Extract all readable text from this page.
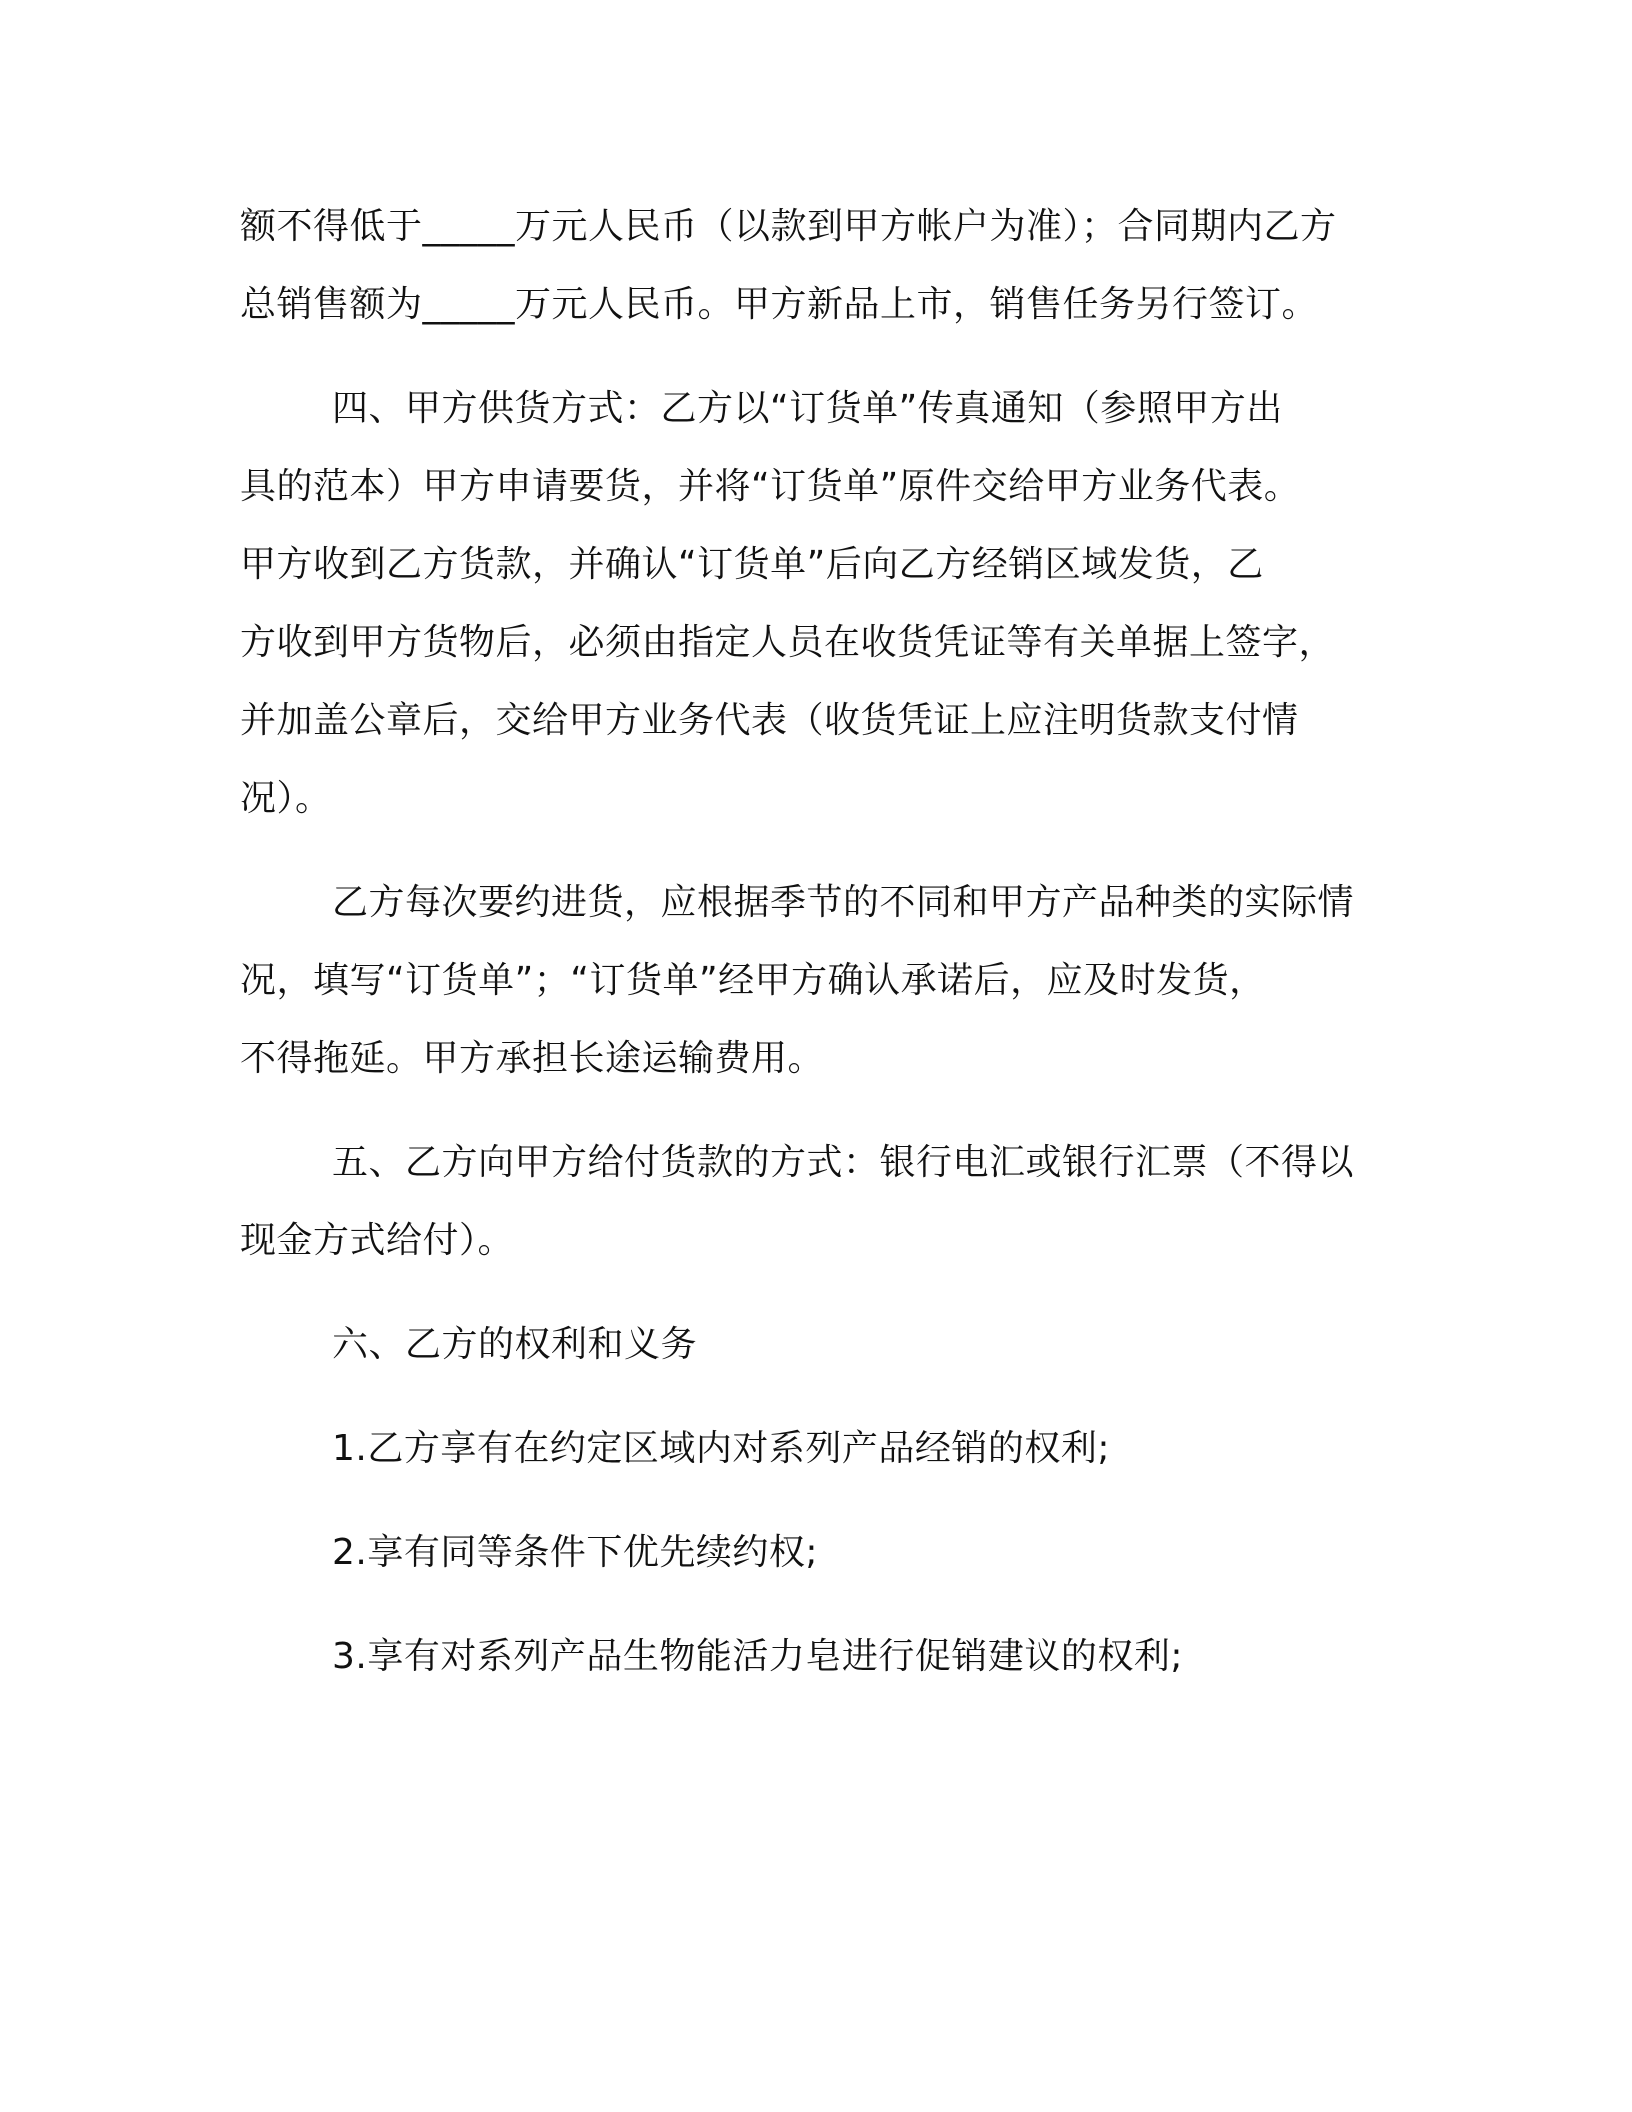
额不得低于_____万元人民币（以款到甲方帐户为准）；合同期内乙方
总销售额为_____万元人民币。甲方新品上市，销售任务另行签订。
四、甲方供货方式：乙方以“订货单”传真通知（参照甲方出
具的范本）甲方申请要货，并将“订货单”原件交给甲方业务代表。
甲方收到乙方货款，并确认“订货单”后向乙方经销区域发货，乙
方收到甲方货物后，必须由指定人员在收货凭证等有关单据上签字，
并加盖公章后，交给甲方业务代表（收货凭证上应注明货款支付情
况）。
乙方每次要约进货，应根据季节的不同和甲方产品种类的实际情
况，填写“订货单”；“订货单”经甲方确认承诺后，应及时发货，
不得拖延。甲方承担长途运输费用。
五、乙方向甲方给付货款的方式：银行电汇或银行汇票（不得以
现金方式给付）。
六、乙方的权利和义务
1.乙方享有在约定区域内对系列产品经销的权利;
2.享有同等条件下优先续约权;
3.享有对系列产品生物能活力皂进行促销建议的权利;
